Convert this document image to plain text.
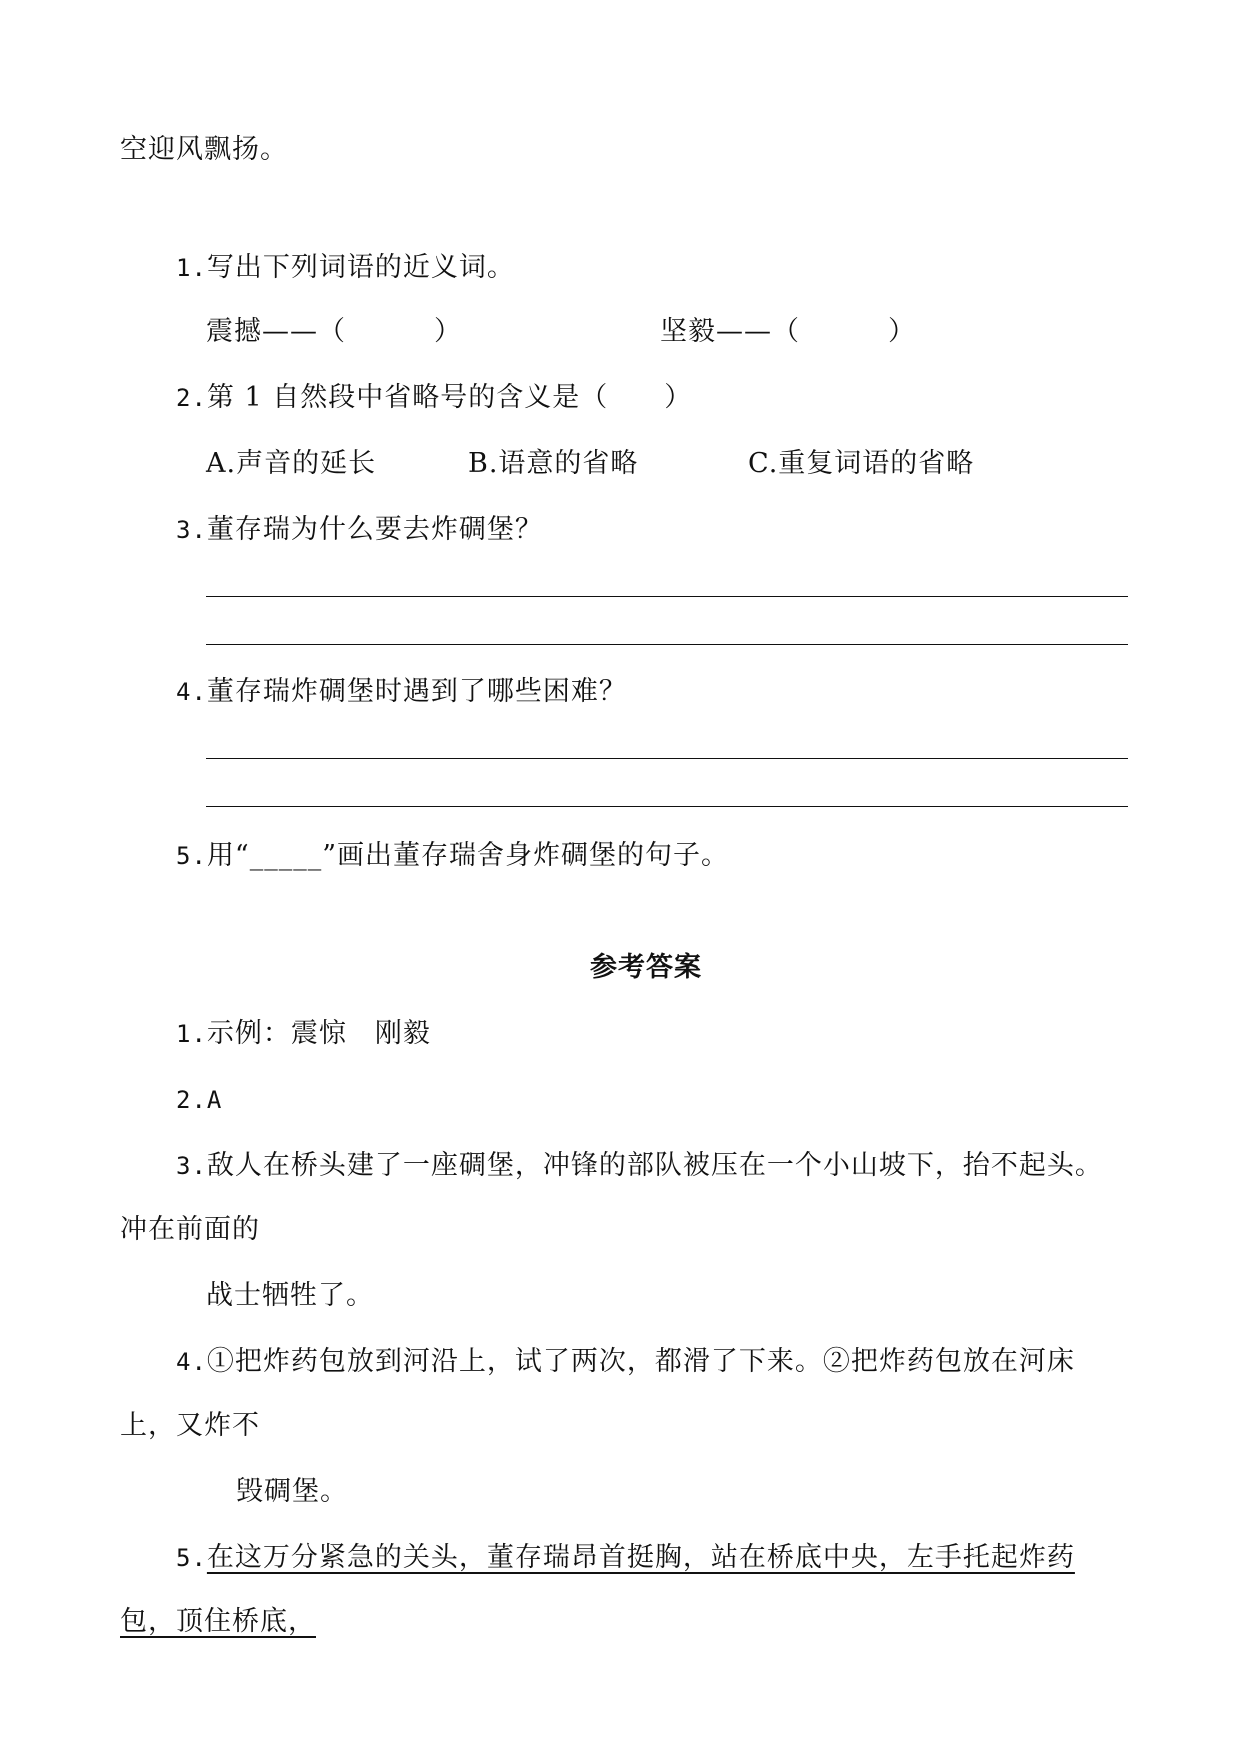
空迎风飘扬。
1.写出下列词语的近义词。
震撼——（	）	坚毅——（	）
2.第 1 自然段中省略号的含义是（　　）
A.声音的延长	B.语意的省略	C.重复词语的省略
3.董存瑞为什么要去炸碉堡？
4.董存瑞炸碉堡时遇到了哪些困难？
5.用“_____”画出董存瑞舍身炸碉堡的句子。
参考答案
1.示例：震惊　刚毅
2.A
3.敌人在桥头建了一座碉堡，冲锋的部队被压在一个小山坡下，抬不起头。
冲在前面的
战士牺牲了。
4.①把炸药包放到河沿上，试了两次，都滑了下来。②把炸药包放在河床
上，又炸不
毁碉堡。
5.在这万分紧急的关头，董存瑞昂首挺胸，站在桥底中央，左手托起炸药
包，顶住桥底，
